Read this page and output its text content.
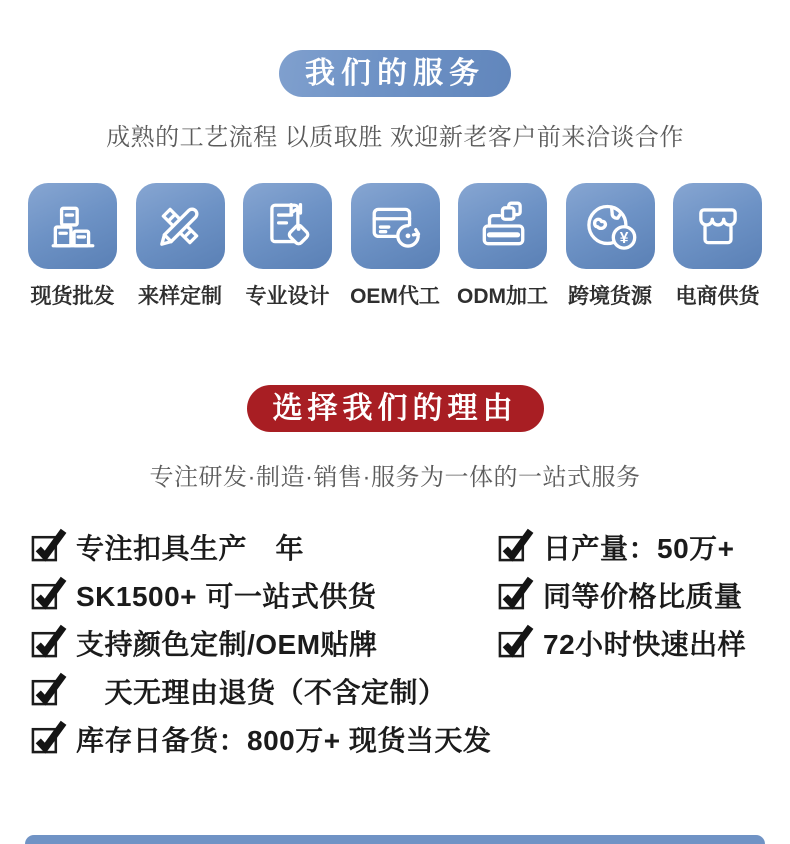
我们的服务
成熟的工艺流程 以质取胜 欢迎新老客户前来洽谈合作
现货批发 来样定制 专业设计 OEM代工 ODM加工
¥
跨境货源 电商供货
选择我们的理由
专注研发·制造·销售·服务为一体的一站式服务
专注扣具生产　年
SK1500+ 可一站式供货
支持颜色定制/OEM贴牌
　天无理由退货（不含定制）
库存日备货：800万+ 现货当天发
日产量：50万+
同等价格比质量
72小时快速出样
